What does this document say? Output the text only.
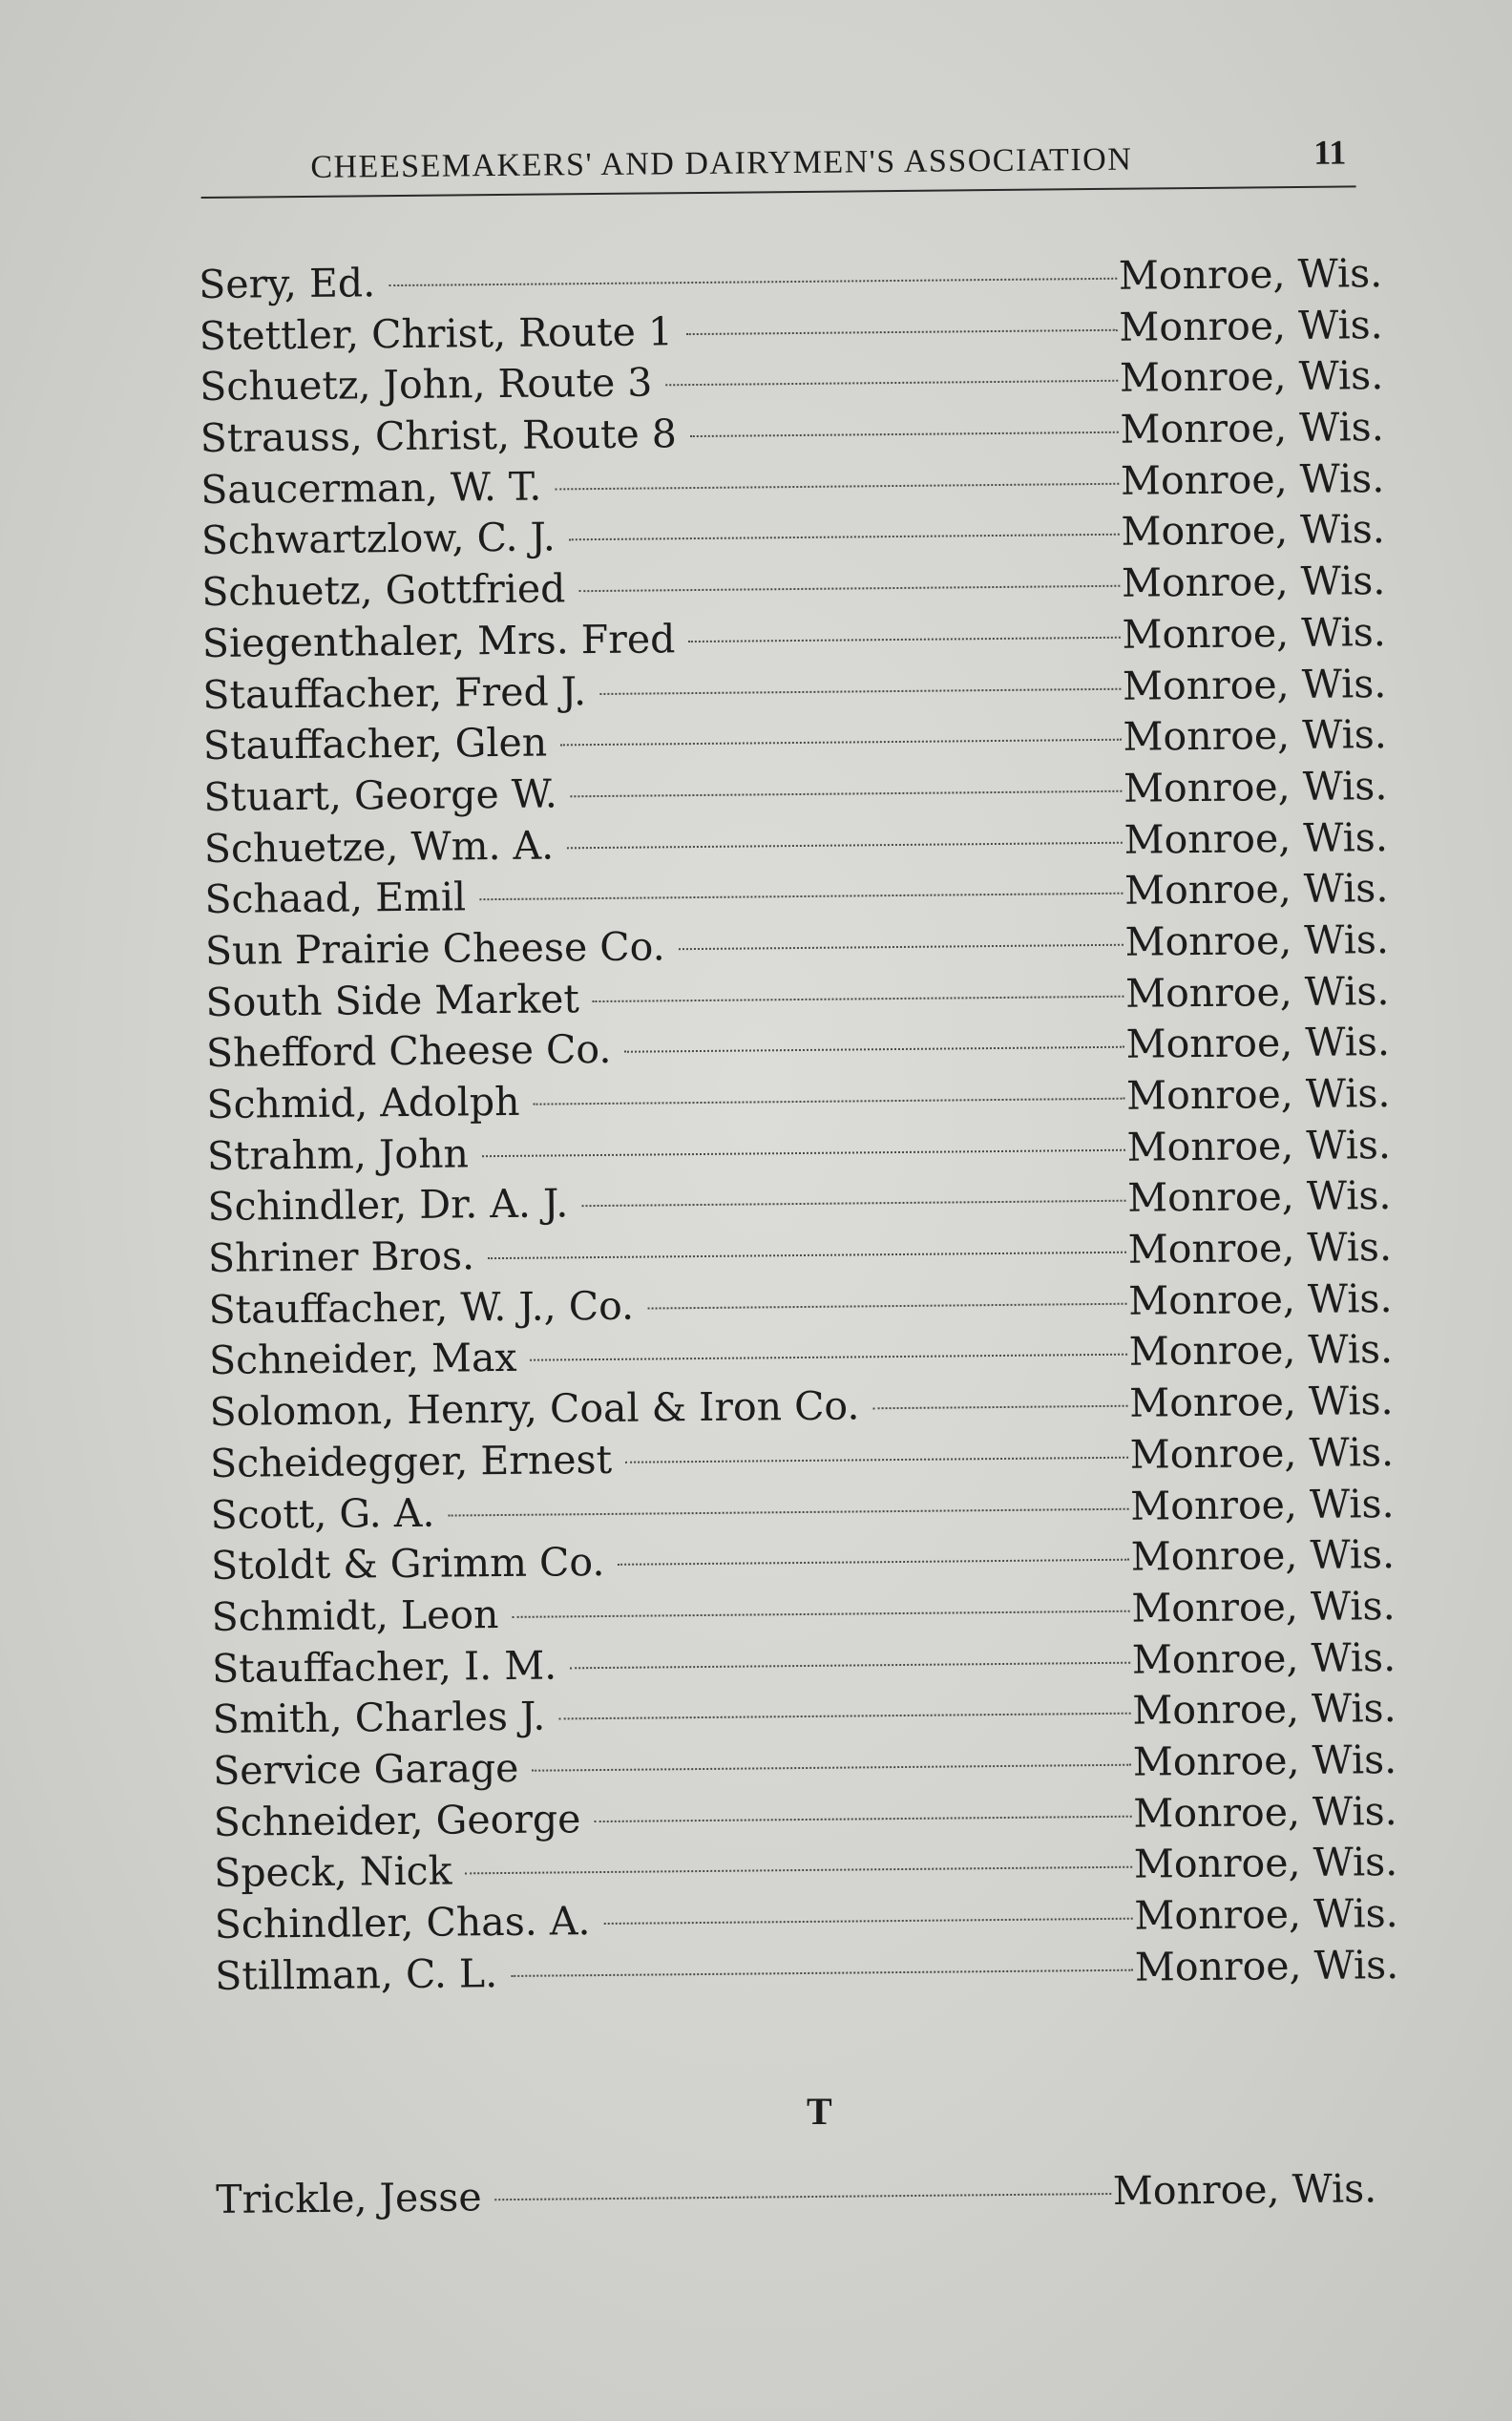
CHEESEMAKERS' AND DAIRYMEN'S ASSOCIATION	11
Sery, Ed.	Monroe, Wis.
Stettler, Christ, Route 1	Monroe, Wis.
Schuetz, John, Route 3	Monroe, Wis.
Strauss, Christ, Route 8	Monroe, Wis.
Saucerman, W. T.	Monroe, Wis.
Schwartzlow, C. J.	Monroe, Wis.
Schuetz, Gottfried	Monroe, Wis.
Siegenthaler, Mrs. Fred	Monroe, Wis.
Stauffacher, Fred J.	Monroe, Wis.
Stauffacher, Glen	Monroe, Wis.
Stuart, George W.	Monroe, Wis.
Schuetze, Wm. A.	Monroe, Wis.
Schaad, Emil	Monroe, Wis.
Sun Prairie Cheese Co.	Monroe, Wis.
South Side Market	Monroe, Wis.
Shefford Cheese Co.	Monroe, Wis.
Schmid, Adolph	Monroe, Wis.
Strahm, John	Monroe, Wis.
Schindler, Dr. A. J.	Monroe, Wis.
Shriner Bros.	Monroe, Wis.
Stauffacher, W. J., Co.	Monroe, Wis.
Schneider, Max	Monroe, Wis.
Solomon, Henry, Coal & Iron Co.	Monroe, Wis.
Scheidegger, Ernest	Monroe, Wis.
Scott, G. A.	Monroe, Wis.
Stoldt & Grimm Co.	Monroe, Wis.
Schmidt, Leon	Monroe, Wis.
Stauffacher, I. M.	Monroe, Wis.
Smith, Charles J.	Monroe, Wis.
Service Garage	Monroe, Wis.
Schneider, George	Monroe, Wis.
Speck, Nick	Monroe, Wis.
Schindler, Chas. A.	Monroe, Wis.
Stillman, C. L.	Monroe, Wis.
T
Trickle, Jesse	Monroe, Wis.
